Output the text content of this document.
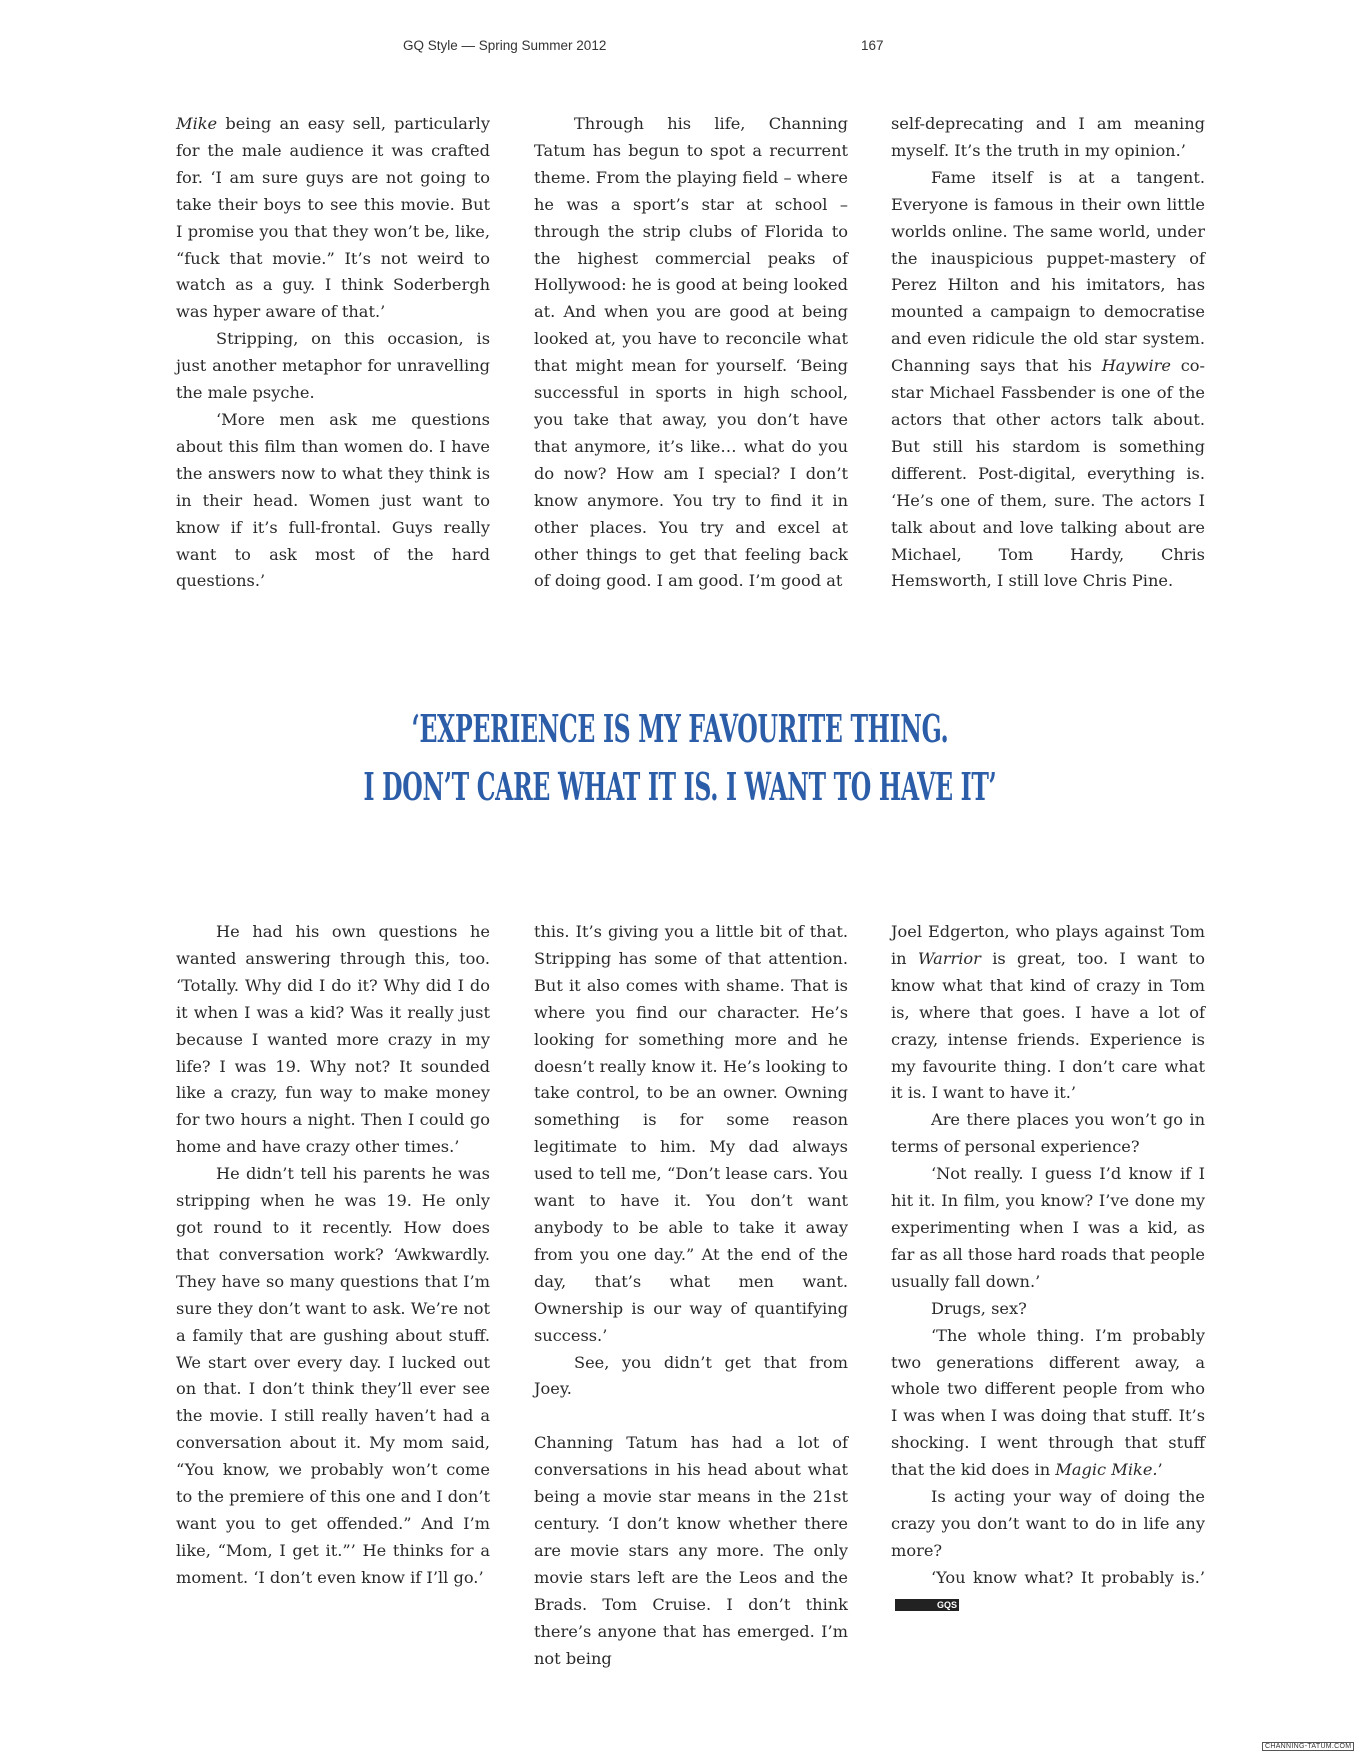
GQ Style — Spring Summer 2012	167

Mike being an easy sell, particularly for the male audience it was crafted for. ‘I am sure guys are not going to take their boys to see this movie. But I promise you that they won’t be, like, “fuck that movie.” It’s not weird to watch as a guy. I think Soderbergh was hyper aware of that.’

Stripping, on this occasion, is just another metaphor for unravelling the male psyche.

‘More men ask me questions about this film than women do. I have the answers now to what they think is in their head. Women just want to know if it’s full-frontal. Guys really want to ask most of the hard questions.’

Through his life, Channing Tatum has begun to spot a recurrent theme. From the playing field – where he was a sport’s star at school – through the strip clubs of Florida to the highest commercial peaks of Hollywood: he is good at being looked at. And when you are good at being looked at, you have to reconcile what that might mean for yourself. ‘Being successful in sports in high school, you take that away, you don’t have that anymore, it’s like… what do you do now? How am I special? I don’t know anymore. You try to find it in other places. You try and excel at other things to get that feeling back of doing good. I am good. I’m good at

self-deprecating and I am meaning myself. It’s the truth in my opinion.’

Fame itself is at a tangent. Everyone is famous in their own little worlds online. The same world, under the inauspicious puppet-mastery of Perez Hilton and his imitators, has mounted a campaign to democratise and even ridicule the old star system. Channing says that his Haywire co-star Michael Fassbender is one of the actors that other actors talk about. But still his stardom is something different. Post-digital, everything is. ‘He’s one of them, sure. The actors I talk about and love talking about are Michael, Tom Hardy, Chris Hemsworth, I still love Chris Pine.

‘EXPERIENCE IS MY FAVOURITE THING.
I DON’T CARE WHAT IT IS. I WANT TO HAVE IT’

He had his own questions he wanted answering through this, too. ‘Totally. Why did I do it? Why did I do it when I was a kid? Was it really just because I wanted more crazy in my life? I was 19. Why not? It sounded like a crazy, fun way to make money for two hours a night. Then I could go home and have crazy other times.’

He didn’t tell his parents he was stripping when he was 19. He only got round to it recently. How does that conversation work? ‘Awkwardly. They have so many questions that I’m sure they don’t want to ask. We’re not a family that are gushing about stuff. We start over every day. I lucked out on that. I don’t think they’ll ever see the movie. I still really haven’t had a conversation about it. My mom said, “You know, we probably won’t come to the premiere of this one and I don’t want you to get offended.” And I’m like, “Mom, I get it.”’ He thinks for a moment. ‘I don’t even know if I’ll go.’

this. It’s giving you a little bit of that. Stripping has some of that attention. But it also comes with shame. That is where you find our character. He’s looking for something more and he doesn’t really know it. He’s looking to take control, to be an owner. Owning something is for some reason legitimate to him. My dad always used to tell me, “Don’t lease cars. You want to have it. You don’t want anybody to be able to take it away from you one day.” At the end of the day, that’s what men want. Ownership is our way of quantifying success.’

See, you didn’t get that from Joey.

Channing Tatum has had a lot of conversations in his head about what being a movie star means in the 21st century. ‘I don’t know whether there are movie stars any more. The only movie stars left are the Leos and the Brads. Tom Cruise. I don’t think there’s anyone that has emerged. I’m not being

Joel Edgerton, who plays against Tom in Warrior is great, too. I want to know what that kind of crazy in Tom is, where that goes. I have a lot of crazy, intense friends. Experience is my favourite thing. I don’t care what it is. I want to have it.’

Are there places you won’t go in terms of personal experience?

‘Not really. I guess I’d know if I hit it. In film, you know? I’ve done my experimenting when I was a kid, as far as all those hard roads that people usually fall down.’

Drugs, sex?

‘The whole thing. I’m probably two generations different away, a whole two different people from who I was when I was doing that stuff. It’s shocking. I went through that stuff that the kid does in Magic Mike.’

Is acting your way of doing the crazy you don’t want to do in life any more?

‘You know what? It probably is.’GQS

CHANNING-TATUM.COM
